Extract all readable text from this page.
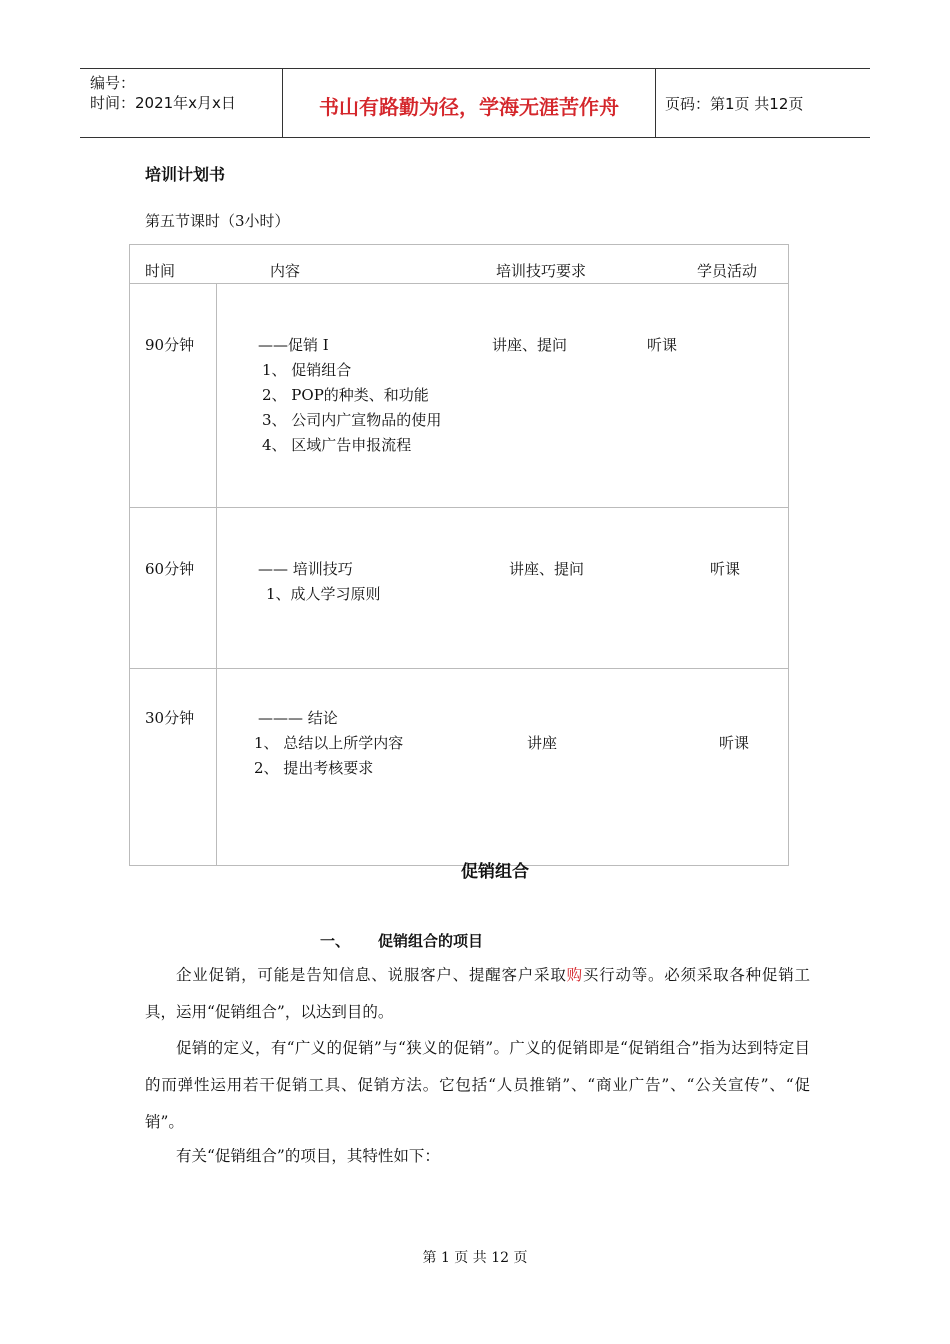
编号：
时间：2021年x月x日	书山有路勤为径，学海无涯苦作舟	页码：第1页 共12页
培训计划书
第五节课时（3小时）
时间	内容	培训技巧要求	学员活动
90分钟	——促销 Ⅰ
1、 促销组合
2、 POP的种类、和功能
3、 公司内广宣物品的使用
4、 区域广告申报流程
讲座、提问	听课
60分钟	—— 培训技巧
1、成人学习原则
讲座、提问	听课
30分钟	——— 结论
1、 总结以上所学内容
2、 提出考核要求
讲座	听课
促销组合
一、 促销组合的项目
企业促销，可能是告知信息、说服客户、提醒客户采取购买行动等。必须采取各种促销工具，运用“促销组合”，以达到目的。
促销的定义，有“广义的促销”与“狭义的促销”。广义的促销即是“促销组合”指为达到特定目的而弹性运用若干促销工具、促销方法。它包括“人员推销”、“商业广告”、“公关宣传”、“促销”。
有关“促销组合”的项目，其特性如下：
第 1 页 共 12 页
